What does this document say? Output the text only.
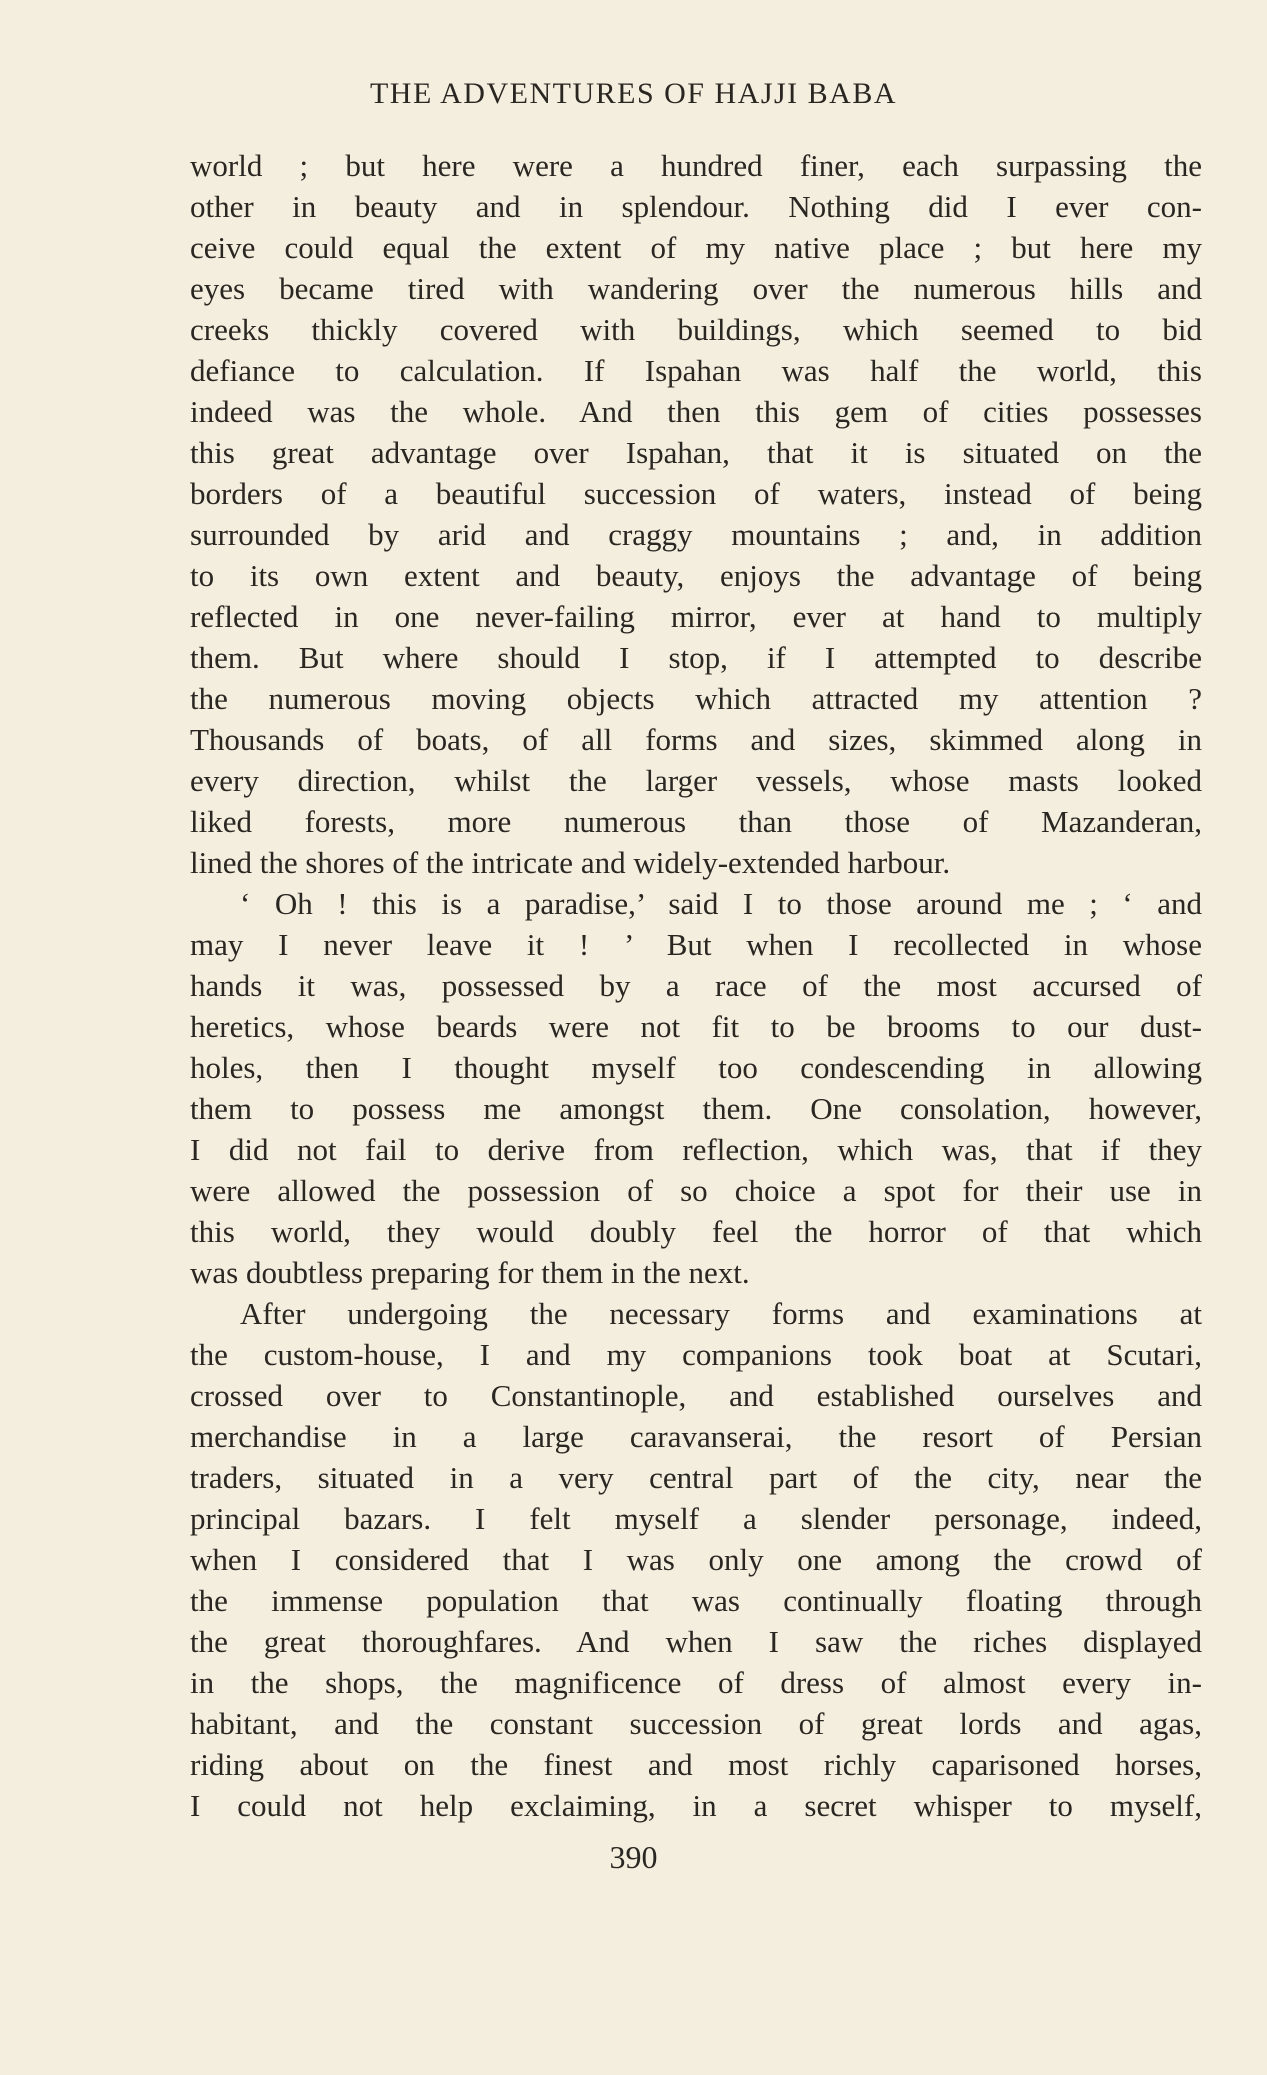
THE ADVENTURES OF HAJJI BABA
world ; but here were a hundred finer, each surpassing the
other in beauty and in splendour. Nothing did I ever con-
ceive could equal the extent of my native place ; but here my
eyes became tired with wandering over the numerous hills and
creeks thickly covered with buildings, which seemed to bid
defiance to calculation. If Ispahan was half the world, this
indeed was the whole. And then this gem of cities possesses
this great advantage over Ispahan, that it is situated on the
borders of a beautiful succession of waters, instead of being
surrounded by arid and craggy mountains ; and, in addition
to its own extent and beauty, enjoys the advantage of being
reflected in one never-failing mirror, ever at hand to multiply
them. But where should I stop, if I attempted to describe
the numerous moving objects which attracted my attention ?
Thousands of boats, of all forms and sizes, skimmed along in
every direction, whilst the larger vessels, whose masts looked
liked forests, more numerous than those of Mazanderan,
lined the shores of the intricate and widely-extended harbour.
‘ Oh ! this is a paradise,’ said I to those around me ; ‘ and
may I never leave it ! ’ But when I recollected in whose
hands it was, possessed by a race of the most accursed of
heretics, whose beards were not fit to be brooms to our dust-
holes, then I thought myself too condescending in allowing
them to possess me amongst them. One consolation, however,
I did not fail to derive from reflection, which was, that if they
were allowed the possession of so choice a spot for their use in
this world, they would doubly feel the horror of that which
was doubtless preparing for them in the next.
After undergoing the necessary forms and examinations at
the custom-house, I and my companions took boat at Scutari,
crossed over to Constantinople, and established ourselves and
merchandise in a large caravanserai, the resort of Persian
traders, situated in a very central part of the city, near the
principal bazars. I felt myself a slender personage, indeed,
when I considered that I was only one among the crowd of
the immense population that was continually floating through
the great thoroughfares. And when I saw the riches displayed
in the shops, the magnificence of dress of almost every in-
habitant, and the constant succession of great lords and agas,
riding about on the finest and most richly caparisoned horses,
I could not help exclaiming, in a secret whisper to myself,
390
